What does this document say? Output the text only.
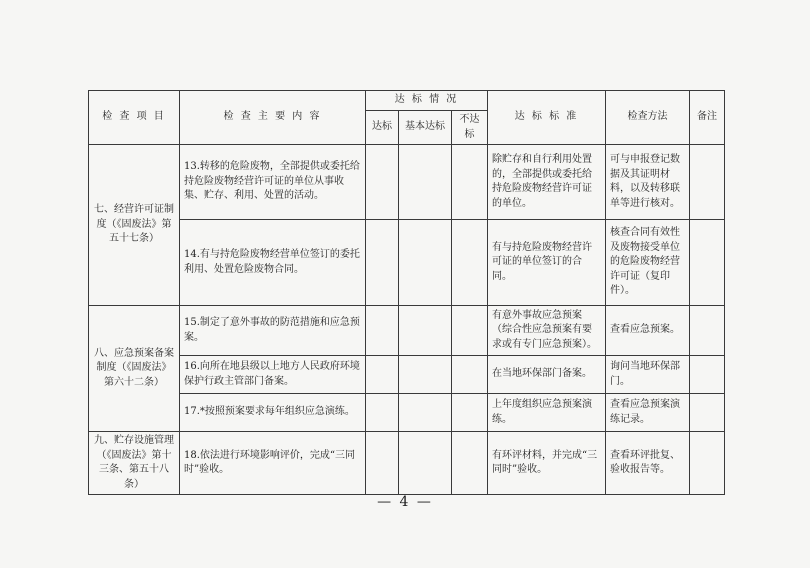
检 查 项 目	检 查 主 要 内 容	达 标 情 况			达 标 标 准	检查方法	备注
		达标	基本达标	不达标			
七、经营许可证制度（《固废法》第五十七条）	13.转移的危险废物，全部提供或委托给持危险废物经营许可证的单位从事收集、贮存、利用、处置的活动。				除贮存和自行利用处置的，全部提供或委托给持危险废物经营许可证的单位。	可与申报登记数据及其证明材料，以及转移联单等进行核对。	
	14.有与持危险废物经营单位签订的委托利用、处置危险废物合同。				有与持危险废物经营许可证的单位签订的合同。	核查合同有效性及废物接受单位的危险废物经营许可证（复印件）。	
八、应急预案备案制度（《固废法》第六十二条）	15.制定了意外事故的防范措施和应急预案。				有意外事故应急预案（综合性应急预案有要求或有专门应急预案）。	查看应急预案。	
	16.向所在地县级以上地方人民政府环境保护行政主管部门备案。				在当地环保部门备案。	询问当地环保部门。	
	17.*按照预案要求每年组织应急演练。				上年度组织应急预案演练。	查看应急预案演练记录。	
九、贮存设施管理（《固废法》第十三条、第五十八条）	18.依法进行环境影响评价，完成“三同时”验收。				有环评材料，并完成“三同时”验收。	查看环评批复、验收报告等。	
— 4 —
